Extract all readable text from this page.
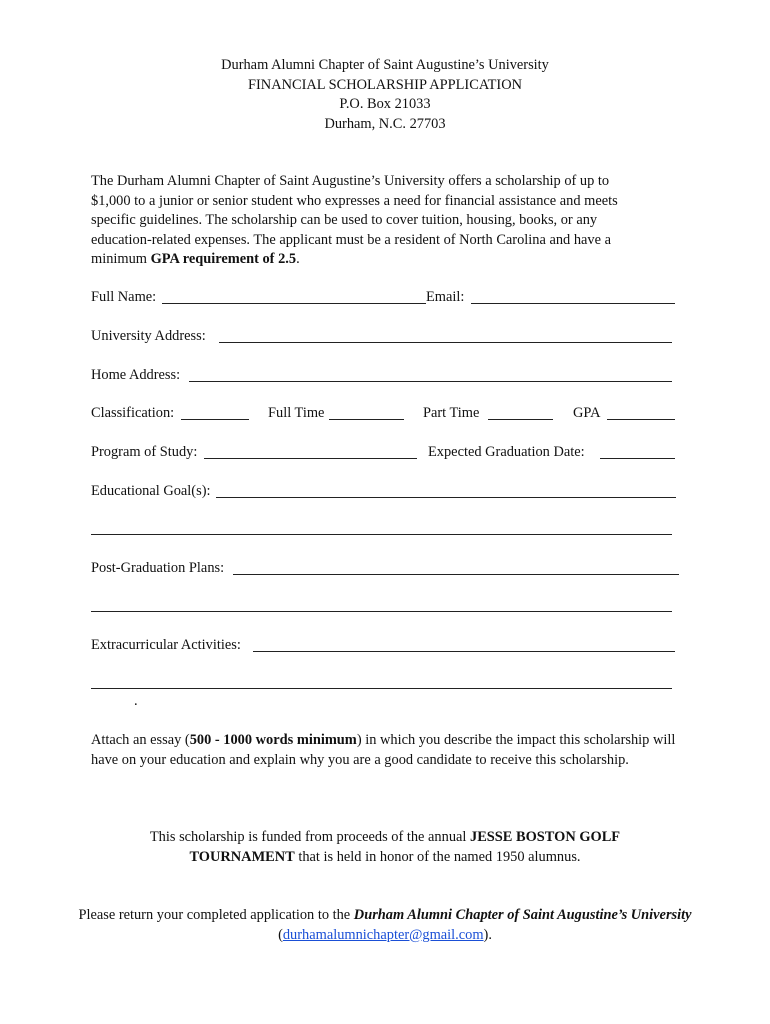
Durham Alumni Chapter of Saint Augustine’s University
FINANCIAL SCHOLARSHIP APPLICATION
P.O. Box 21033
Durham, N.C. 27703
The Durham Alumni Chapter of Saint Augustine’s University offers a scholarship of up to $1,000 to a junior or senior student who expresses a need for financial assistance and meets specific guidelines. The scholarship can be used to cover tuition, housing, books, or any education-related expenses. The applicant must be a resident of North Carolina and have a minimum GPA requirement of 2.5.
Full Name:	Email:
University Address:
Home Address:
Classification:	Full Time	Part Time	GPA
Program of Study:	Expected Graduation Date:
Educational Goal(s):
Post-Graduation Plans:
Extracurricular Activities:
.
Attach an essay (500 - 1000 words minimum) in which you describe the impact this scholarship will have on your education and explain why you are a good candidate to receive this scholarship.
This scholarship is funded from proceeds of the annual JESSE BOSTON GOLF TOURNAMENT that is held in honor of the named 1950 alumnus.
Please return your completed application to the Durham Alumni Chapter of Saint Augustine’s University (durhamalumnichapter@gmail.com).
